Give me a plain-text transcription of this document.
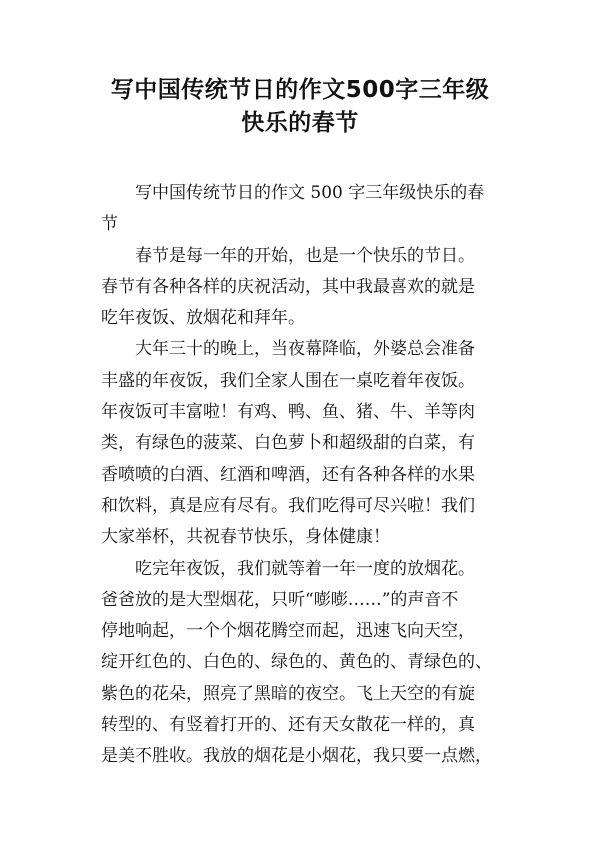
写中国传统节日的作文500字三年级
快乐的春节
写中国传统节日的作文 500 字三年级快乐的春
节
春节是每一年的开始，也是一个快乐的节日。
春节有各种各样的庆祝活动，其中我最喜欢的就是
吃年夜饭、放烟花和拜年。
大年三十的晚上，当夜幕降临，外婆总会准备
丰盛的年夜饭，我们全家人围在一桌吃着年夜饭。
年夜饭可丰富啦！有鸡、鸭、鱼、猪、牛、羊等肉
类，有绿色的菠菜、白色萝卜和超级甜的白菜，有
香喷喷的白酒、红酒和啤酒，还有各种各样的水果
和饮料，真是应有尽有。我们吃得可尽兴啦！我们
大家举杯，共祝春节快乐，身体健康！
吃完年夜饭，我们就等着一年一度的放烟花。
爸爸放的是大型烟花，只听“嘭嘭……”的声音不
停地响起，一个个烟花腾空而起，迅速飞向天空，
绽开红色的、白色的、绿色的、黄色的、青绿色的、
紫色的花朵，照亮了黑暗的夜空。飞上天空的有旋
转型的、有竖着打开的、还有天女散花一样的，真
是美不胜收。我放的烟花是小烟花，我只要一点燃，
